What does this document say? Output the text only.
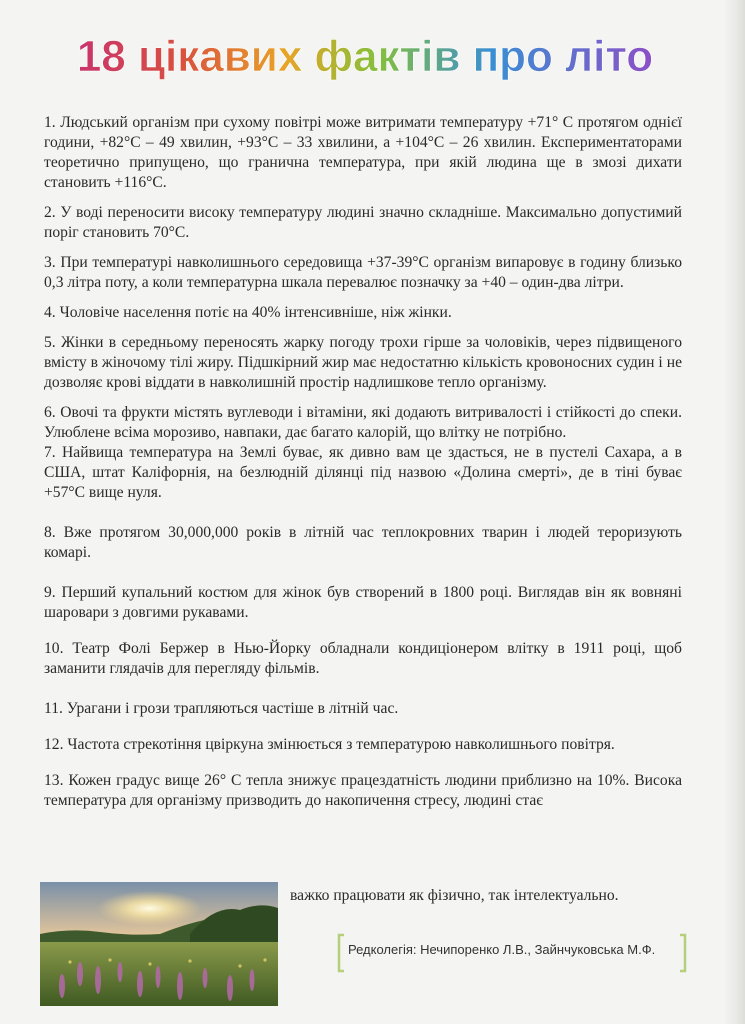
18 цікавих фактів про літо

1. Людський організм при сухому повітрі може витримати температуру +71° С протягом однієї години, +82°С – 49 хвилин, +93°С – 33 хвилини, а +104°С – 26 хвилин. Експериментаторами теоретично припущено, що гранична температура, при якій людина ще в змозі дихати становить +116°С.

2. У воді переносити високу температуру людині значно складніше. Максимально допустимий поріг становить 70°С.

3. При температурі навколишнього середовища +37-39°С організм випаровує в годину близько 0,3 літра поту, а коли температурна шкала перевалює позначку за +40 – один-два літри.

4. Чоловіче населення потіє на 40% інтенсивніше, ніж жінки.

5. Жінки в середньому переносять жарку погоду трохи гірше за чоловіків, через підвищеного вмісту в жіночому тілі жиру. Підшкірний жир має недостатню кількість кровоносних судин і не дозволяє крові віддати в навколишній простір надлишкове тепло організму.

6. Овочі та фрукти містять вуглеводи і вітаміни, які додають витривалості і стійкості до спеки. Улюблене всіма морозиво, навпаки, дає багато калорій, що влітку не потрібно.

7. Найвища температура на Землі буває, як дивно вам це здасться, не в пустелі Сахара, а в США, штат Каліфорнія, на безлюдній ділянці під назвою «Долина смерті», де в тіні буває +57°С вище нуля.

8. Вже протягом 30,000,000 років в літній час теплокровних тварин і людей тероризують комарі.

9. Перший купальний костюм для жінок був створений в 1800 році. Виглядав він як вовняні шаровари з довгими рукавами.

10. Театр Фолі Бержер в Нью-Йорку обладнали кондиціонером влітку в 1911 році, щоб заманити глядачів для перегляду фільмів.

11. Урагани і грози трапляються частіше в літній час.

12. Частота стрекотіння цвіркуна змінюється з температурою навколишнього повітря.

13. Кожен градус вище 26° С тепла знижує працездатність людини приблизно на 10%. Висока температура для організму призводить до накопичення стресу, людині стає

важко працювати як фізично, так інтелектуально.
Редколегія: Нечипоренко Л.В., Зайнчуковська М.Ф.
